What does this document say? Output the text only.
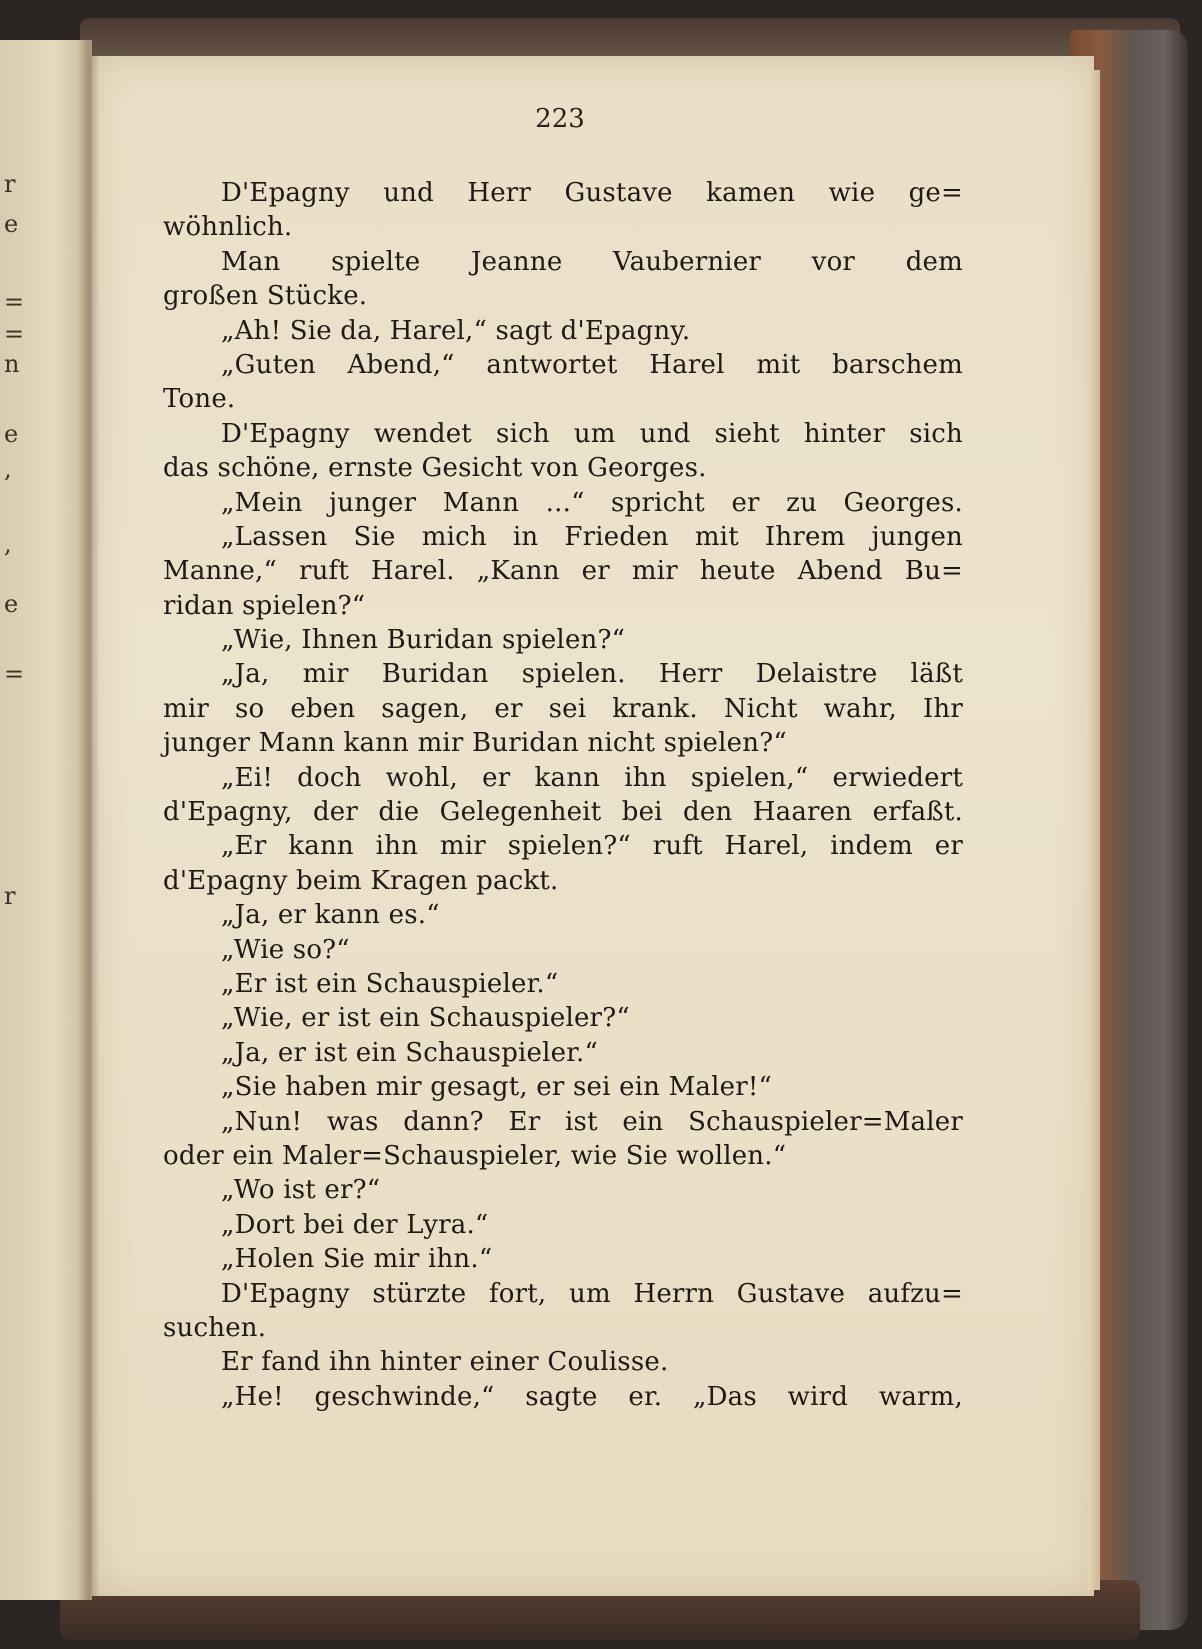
r
e
=
=
n
e
,
,
e
=
r
223
D'Epagny und Herr Gustave kamen wie ge=
wöhnlich.
Man spielte Jeanne Vaubernier vor dem
großen Stücke.
„Ah! Sie da, Harel,“ sagt d'Epagny.
„Guten Abend,“ antwortet Harel mit barschem
Tone.
D'Epagny wendet sich um und sieht hinter sich
das schöne, ernste Gesicht von Georges.
„Mein junger Mann ...“ spricht er zu Georges.
„Lassen Sie mich in Frieden mit Ihrem jungen
Manne,“ ruft Harel. „Kann er mir heute Abend Bu=
ridan spielen?“
„Wie, Ihnen Buridan spielen?“
„Ja, mir Buridan spielen. Herr Delaistre läßt
mir so eben sagen, er sei krank. Nicht wahr, Ihr
junger Mann kann mir Buridan nicht spielen?“
„Ei! doch wohl, er kann ihn spielen,“ erwiedert
d'Epagny, der die Gelegenheit bei den Haaren erfaßt.
„Er kann ihn mir spielen?“ ruft Harel, indem er
d'Epagny beim Kragen packt.
„Ja, er kann es.“
„Wie so?“
„Er ist ein Schauspieler.“
„Wie, er ist ein Schauspieler?“
„Ja, er ist ein Schauspieler.“
„Sie haben mir gesagt, er sei ein Maler!“
„Nun! was dann? Er ist ein Schauspieler=Maler
oder ein Maler=Schauspieler, wie Sie wollen.“
„Wo ist er?“
„Dort bei der Lyra.“
„Holen Sie mir ihn.“
D'Epagny stürzte fort, um Herrn Gustave aufzu=
suchen.
Er fand ihn hinter einer Coulisse.
„He! geschwinde,“ sagte er. „Das wird warm,
